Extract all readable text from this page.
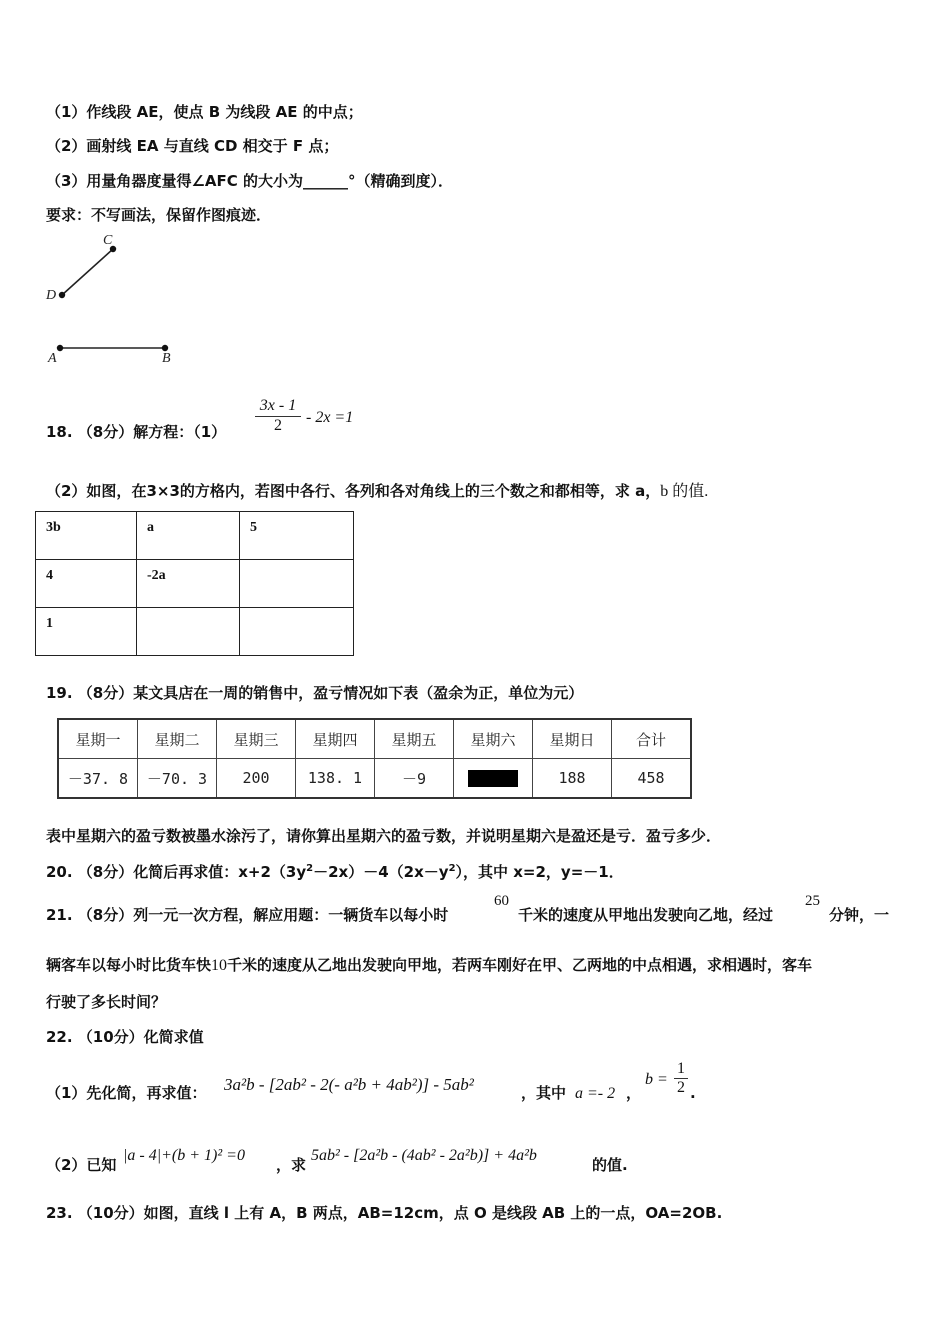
（1）作线段 AE，使点 B 为线段 AE 的中点；
（2）画射线 EA 与直线 CD 相交于 F 点；
（3）用量角器度量得∠AFC 的大小为______°（精确到度）．
要求：不写画法，保留作图痕迹．
C
D
A	B
18. （8分）解方程：（1）
3x - 1
2	- 2x =1
（2）如图，在3×3的方格内，若图中各行、各列和各对角线上的三个数之和都相等，求 a，b 的值.
3b	a	5
4	-2a	
1		
19. （8分）某文具店在一周的销售中，盈亏情况如下表（盈余为正，单位为元）
星期一	星期二	星期三	星期四	星期五	星期六	星期日	合计
－37. 8	－70. 3	200	138. 1	－9		188	458
表中星期六的盈亏数被墨水涂污了，请你算出星期六的盈亏数，并说明星期六是盈还是亏．盈亏多少．
20. （8分）化简后再求值：$x+2(3y^2-2x)-4(2x-y^2)$，其中 x=2，y=－1．
21. （8分）列一元一次方程，解应用题：一辆货车以每小时
60
千米的速度从甲地出发驶向乙地，经过
25
分钟，一
辆客车以每小时比货车快10千米的速度从乙地出发驶向甲地，若两车刚好在甲、乙两地的中点相遇，求相遇时，客车
行驶了多长时间？
22. （10分）化简求值
（1）先化简，再求值： 3a²b - [2ab² - 2(- a²b + 4ab²)] - 5ab²	，其中 a =- 2 ，
b =
1
2 .
（2）已知
|a - 4|+(b + 1)² =0
，求
5ab² - [2a²b - (4ab² - 2a²b)] + 4a²b
的值.
23. （10分）如图，直线 l 上有 A，B 两点，AB=12cm，点 O 是线段 AB 上的一点，OA=2OB.
